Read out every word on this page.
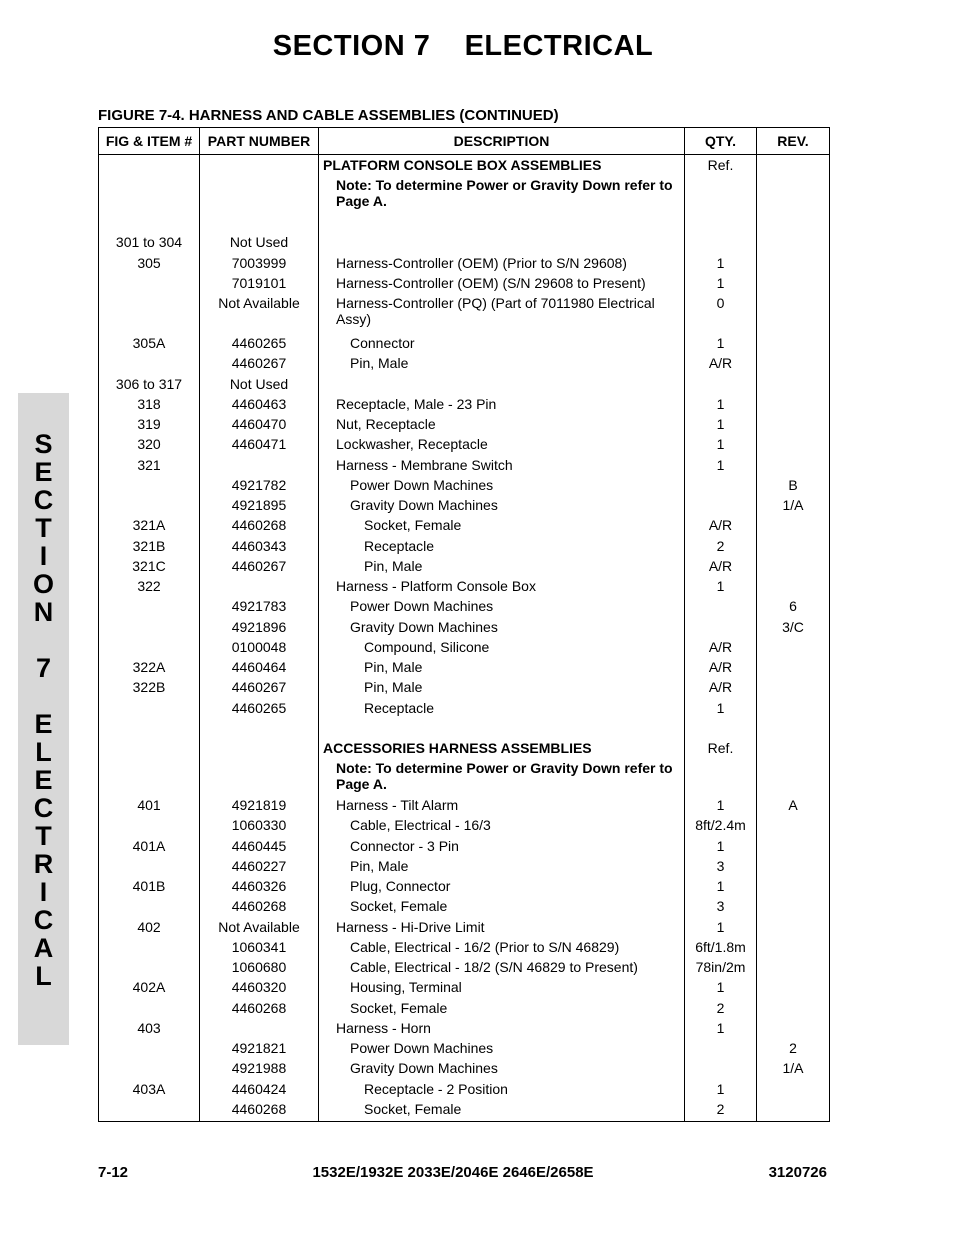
SECTION 7    ELECTRICAL
FIGURE 7-4. HARNESS AND CABLE ASSEMBLIES (CONTINUED)
S
E
C
T
I
O
N
7
E
L
E
C
T
R
I
C
A
L
FIG & ITEM #	PART NUMBER	DESCRIPTION	QTY.	REV.
		PLATFORM CONSOLE BOX ASSEMBLIES	Ref.	

		Note: To determine Power or Gravity Down refer to Page A.		

301 to 304	Not Used			
305	7003999	Harness-Controller (OEM) (Prior to S/N 29608)	1	
	7019101	Harness-Controller (OEM) (S/N 29608 to Present)	1	
	Not Available	Harness-Controller (PQ) (Part of 7011980 Electrical Assy)	0	
305A	4460265	Connector	1	
	4460267	Pin, Male	A/R	
306 to 317	Not Used			
318	4460463	Receptacle, Male - 23 Pin	1	
319	4460470	Nut, Receptacle	1	
320	4460471	Lockwasher, Receptacle	1	
321		Harness - Membrane Switch	1	
	4921782	Power Down Machines		B
	4921895	Gravity Down Machines		1/A
321A	4460268	Socket, Female	A/R	
321B	4460343	Receptacle	2	
321C	4460267	Pin, Male	A/R	
322		Harness - Platform Console Box	1	
	4921783	Power Down Machines		6
	4921896	Gravity Down Machines		3/C
	0100048	Compound, Silicone	A/R	
322A	4460464	Pin, Male	A/R	
322B	4460267	Pin, Male	A/R	
	4460265	Receptacle	1	

		ACCESSORIES HARNESS ASSEMBLIES	Ref.	

		Note: To determine Power or Gravity Down refer to Page A.		

401	4921819	Harness - Tilt Alarm	1	A
	1060330	Cable, Electrical - 16/3	8ft/2.4m	
401A	4460445	Connector - 3 Pin	1	
	4460227	Pin, Male	3	
401B	4460326	Plug, Connector	1	
	4460268	Socket, Female	3	
402	Not Available	Harness - Hi-Drive Limit	1	
	1060341	Cable, Electrical - 16/2 (Prior to S/N 46829)	6ft/1.8m	
	1060680	Cable, Electrical - 18/2 (S/N 46829 to Present)	78in/2m	
402A	4460320	Housing, Terminal	1	
	4460268	Socket, Female	2	
403		Harness - Horn	1	
	4921821	Power Down Machines		2
	4921988	Gravity Down Machines		1/A
403A	4460424	Receptacle - 2 Position	1	
	4460268	Socket, Female	2	
7-12	1532E/1932E 2033E/2046E 2646E/2658E	3120726
